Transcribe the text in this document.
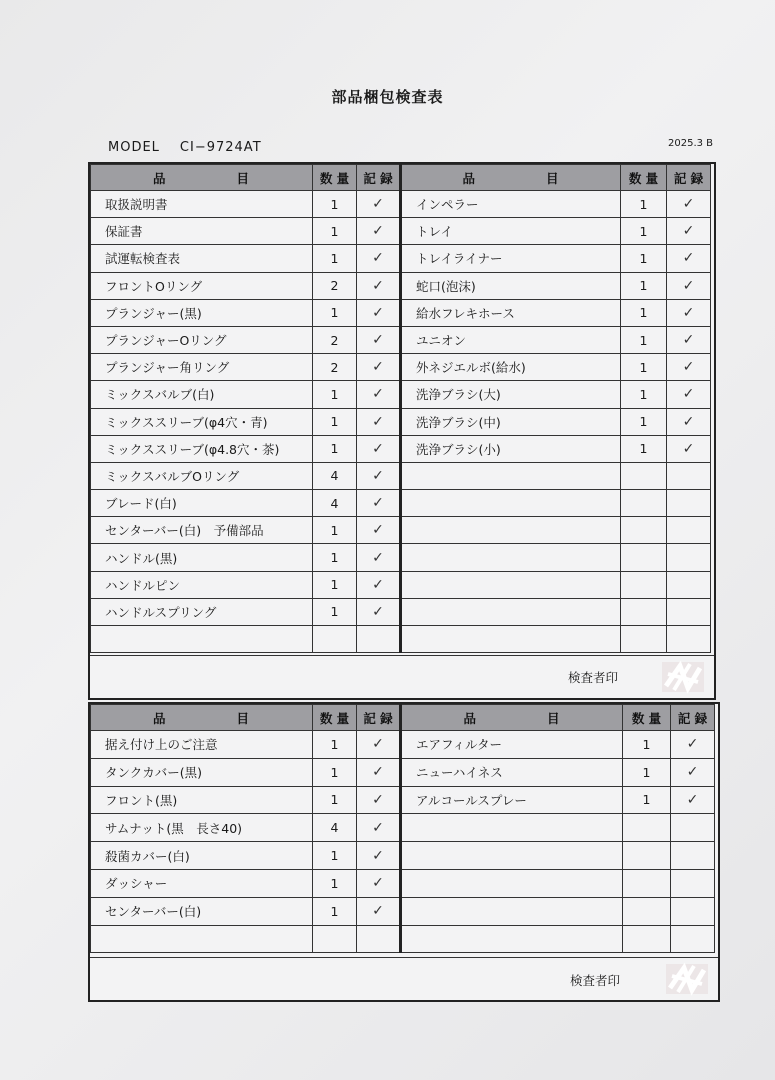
部品梱包検査表
MODEL CI−9724AT	2025.3 B
品 目	数 量	記 録	品 目	数 量	記 録
取扱説明書	1	✓	インペラー	1	✓
保証書	1	✓	トレイ	1	✓
試運転検査表	1	✓	トレイライナー	1	✓
フロントOリング	2	✓	蛇口(泡沫)	1	✓
プランジャー(黒)	1	✓	給水フレキホース	1	✓
プランジャーOリング	2	✓	ユニオン	1	✓
プランジャー角リング	2	✓	外ネジエルボ(給水)	1	✓
ミックスバルブ(白)	1	✓	洗浄ブラシ(大)	1	✓
ミックススリーブ(φ4穴・青)	1	✓	洗浄ブラシ(中)	1	✓
ミックススリーブ(φ4.8穴・茶)	1	✓	洗浄ブラシ(小)	1	✓
ミックスバルブOリング	4	✓			
ブレード(白)	4	✓			
センターバー(白)　予備部品	1	✓			
ハンドル(黒)	1	✓			
ハンドルピン	1	✓			
ハンドルスプリング	1	✓			

検査者印
品 目	数 量	記 録	品 目	数 量	記 録
据え付け上のご注意	1	✓	エアフィルター	1	✓
タンクカバー(黒)	1	✓	ニューハイネス	1	✓
フロント(黒)	1	✓	アルコールスプレー	1	✓
サムナット(黒　長さ40)	4	✓			
殺菌カバー(白)	1	✓			
ダッシャー	1	✓			
センターバー(白)	1	✓			

検査者印
